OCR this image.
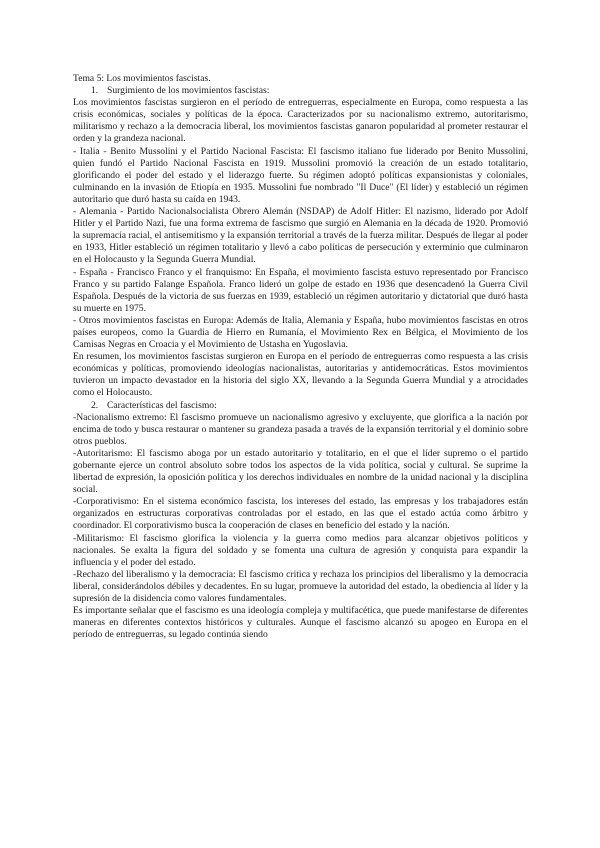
Tema 5: Los movimientos fascistas.

1. Surgimiento de los movimientos fascistas:

Los movimientos fascistas surgieron en el período de entreguerras, especialmente en Europa, como respuesta a las crisis económicas, sociales y políticas de la época. Caracterizados por su nacionalismo extremo, autoritarismo, militarismo y rechazo a la democracia liberal, los movimientos fascistas ganaron popularidad al prometer restaurar el orden y la grandeza nacional.

- Italia - Benito Mussolini y el Partido Nacional Fascista: El fascismo italiano fue liderado por Benito Mussolini, quien fundó el Partido Nacional Fascista en 1919. Mussolini promovió la creación de un estado totalitario, glorificando el poder del estado y el liderazgo fuerte. Su régimen adoptó políticas expansionistas y coloniales, culminando en la invasión de Etiopía en 1935. Mussolini fue nombrado "Il Duce" (El líder) y estableció un régimen autoritario que duró hasta su caída en 1943.

- Alemania - Partido Nacionalsocialista Obrero Alemán (NSDAP) de Adolf Hitler: El nazismo, liderado por Adolf Hitler y el Partido Nazi, fue una forma extrema de fascismo que surgió en Alemania en la década de 1920. Promovió la supremacía racial, el antisemitismo y la expansión territorial a través de la fuerza militar. Después de llegar al poder en 1933, Hitler estableció un régimen totalitario y llevó a cabo políticas de persecución y exterminio que culminaron en el Holocausto y la Segunda Guerra Mundial.

- España - Francisco Franco y el franquismo: En España, el movimiento fascista estuvo representado por Francisco Franco y su partido Falange Española. Franco lideró un golpe de estado en 1936 que desencadenó la Guerra Civil Española. Después de la victoria de sus fuerzas en 1939, estableció un régimen autoritario y dictatorial que duró hasta su muerte en 1975.

- Otros movimientos fascistas en Europa: Además de Italia, Alemania y España, hubo movimientos fascistas en otros países europeos, como la Guardia de Hierro en Rumanía, el Movimiento Rex en Bélgica, el Movimiento de los Camisas Negras en Croacia y el Movimiento de Ustasha en Yugoslavia.

En resumen, los movimientos fascistas surgieron en Europa en el período de entreguerras como respuesta a las crisis económicas y políticas, promoviendo ideologías nacionalistas, autoritarias y antidemocráticas. Estos movimientos tuvieron un impacto devastador en la historia del siglo XX, llevando a la Segunda Guerra Mundial y a atrocidades como el Holocausto.

2. Características del fascismo:

-Nacionalismo extremo: El fascismo promueve un nacionalismo agresivo y excluyente, que glorifica a la nación por encima de todo y busca restaurar o mantener su grandeza pasada a través de la expansión territorial y el dominio sobre otros pueblos.

-Autoritarismo: El fascismo aboga por un estado autoritario y totalitario, en el que el líder supremo o el partido gobernante ejerce un control absoluto sobre todos los aspectos de la vida política, social y cultural. Se suprime la libertad de expresión, la oposición política y los derechos individuales en nombre de la unidad nacional y la disciplina social.

-Corporativismo: En el sistema económico fascista, los intereses del estado, las empresas y los trabajadores están organizados en estructuras corporativas controladas por el estado, en las que el estado actúa como árbitro y coordinador. El corporativismo busca la cooperación de clases en beneficio del estado y la nación.

-Militarismo: El fascismo glorifica la violencia y la guerra como medios para alcanzar objetivos políticos y nacionales. Se exalta la figura del soldado y se fomenta una cultura de agresión y conquista para expandir la influencia y el poder del estado.

-Rechazo del liberalismo y la democracia: El fascismo critica y rechaza los principios del liberalismo y la democracia liberal, considerándolos débiles y decadentes. En su lugar, promueve la autoridad del estado, la obediencia al líder y la supresión de la disidencia como valores fundamentales.

Es importante señalar que el fascismo es una ideología compleja y multifacética, que puede manifestarse de diferentes maneras en diferentes contextos históricos y culturales. Aunque el fascismo alcanzó su apogeo en Europa en el período de entreguerras, su legado continúa siendo
